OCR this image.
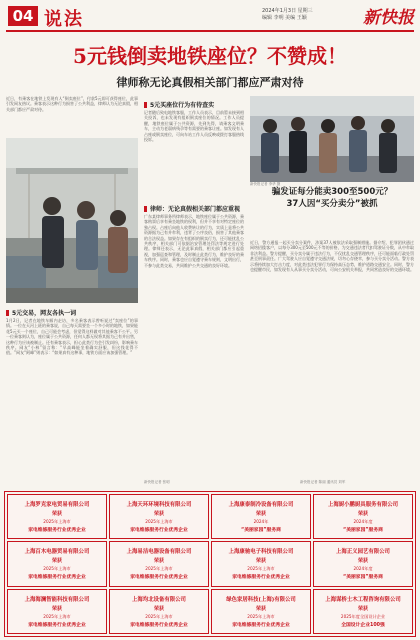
04 说法	2024年1月3日 星期三
编辑 李明 美编 王颖	新快报
5元钱倒卖地铁座位？不赞成！
律师称无论真假相关部门都应严肃对待
近日，有乘客在地铁上发现有人“倒卖座位”，付款5元即可获得座位，此事引发网友热议。乘客表示这种行为损害了公共利益，律师认为无论真假，相关部门都应严肃对待。
5元交易，网友各执一词
1月2日，记者在地铁车厢内走访，多名乘客表示曾听说过“卖座位”的事情。一位在天河上班的乘客说，自己每天需要坐一个多小时的地铁，如果能花5元买一个座位，自己可能会考虑，但觉得这样做对其他乘客不公平。另一位乘客则认为，座位属于公共资源，任何人都无权将其据为己有并出售，这种行为应该被制止。还有乘客表示，担心此类行为会引发纠纷，影响乘车秩序。网友“小林”留言称：“早高峰能坐着确实舒服，但这钱花得不值。”网友“阿峰”则表示：“如果真有这种事，地铁方面应该加强管理。”
5元买座位行为有待查实
记者随后致电地铁客服，工作人员表示，目前暂未接到相关投诉，也未发现有组织倒卖座位的情况。工作人员提醒，地铁座位属于公共资源，先到先得，请乘客文明乘车，主动为老弱病残孕等有需要的乘客让座。如发现有人占座或倒卖座位，可向车站工作人员反映或拨打客服热线投诉。
新快报记者 李华 摄
骗发证每分能卖300至500元？
37人因“买分卖分”被抓
近日，警方通报一起买分卖分案件，涉案37人被依法采取强制措施。据介绍，犯罪团伙通过网络招揽客户，以每分300元至500元不等的价格，为交通违法者代扣驾驶证分数，从中牟取非法利益。警方提醒，买分卖分属于违法行为，不仅扰乱交通管理秩序，还可能面临行政处罚甚至刑事责任。广大驾驶人应自觉遵守交通法规，切勿心存侥幸，参与买分卖分活动。警方表示将持续加大打击力度，对此类违法犯罪行为保持高压态势，维护道路交通安全。同时，警方也提醒市民，如发现有人从事买分卖分活动，可向公安机关举报，共同营造良好的交通环境。
律师：无论真假相关部门都应重视
广东某律师事务所律师表示，地铁座位属于公共资源，乘客购票后享有乘坐地铁的权利，但并不享有对特定座位的独占权。占座后向他人收费转让的行为，实质上是将公共资源据为己有并牟利，违背了公序良俗，损害了其他乘客的合法权益。如果存在有组织的倒卖行为，还可能扰乱公共秩序，相关部门可依据治安管理处罚法等规定进行处理。律师还表示，无论此事真假，相关部门都应引起重视，加强巡查和管理，及时制止此类行为，维护良好的乘车秩序。同时，乘客也应自觉遵守乘车规则，文明出行，不参与此类交易，共同维护公共交通的良好环境。
新快报记者 张明	新快报记者 陈丽 通讯员 刘军
上海罗克家电贸易有限公司
荣获
2025年上海市
家电维修服务行业优秀企业
上海天环环境科技有限公司
荣获
2025年上海市
家电维修服务行业优秀企业
上海康泰制冷设备有限公司
荣获
2024年
“美丽家园”服务商
上海厨小鹏厨具服务有限公司
荣获
2024年度
“美丽家园”服务商
上海百木电器贸易有限公司
荣获
2025年上海市
家电维修服务行业优秀企业
上海易洁电器设备有限公司
荣获
2025年上海市
家电维修服务行业优秀企业
上海康驰电子科技有限公司
荣获
2025年上海市
家电维修服务行业优秀企业
上海正义园艺有限公司
荣获
2024年度
“美丽家园”服务商
上海海澜智能科技有限公司
荣获
2025年上海市
家电维修服务行业优秀企业
上海均北设备有限公司
荣获
2025年上海市
家电维修服务行业优秀企业
绿色家居科技(上海)有限公司
荣获
2025年上海市
家电维修服务行业优秀企业
上海谋桥士木工程咨询有限公司
荣获
2025年度全国设计企业
全国设计企业100强
